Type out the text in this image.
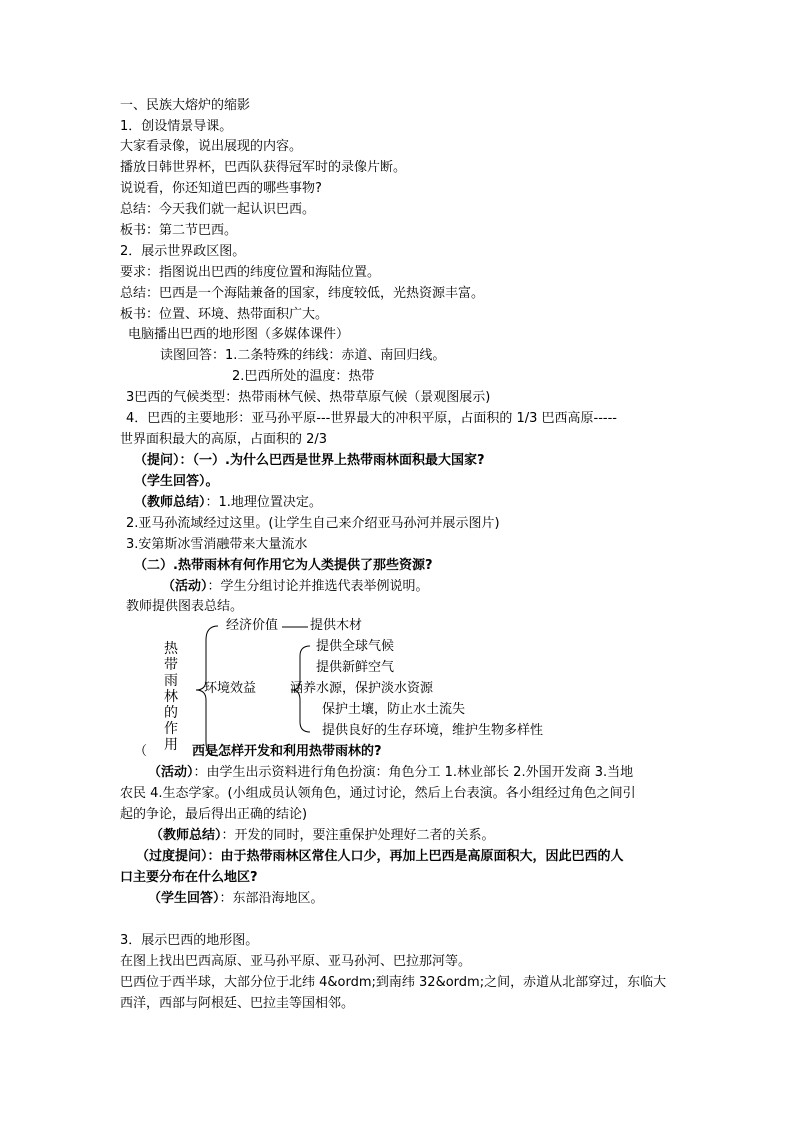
一、民族大熔炉的缩影
1．创设情景导课。
大家看录像，说出展现的内容。
播放日韩世界杯，巴西队获得冠军时的录像片断。
说说看，你还知道巴西的哪些事物?
总结：今天我们就一起认识巴西。
板书：第二节巴西。
2．展示世界政区图。
要求：指图说出巴西的纬度位置和海陆位置。
总结：巴西是一个海陆兼备的国家，纬度较低，光热资源丰富。
板书：位置、环境、热带面积广大。
电脑播出巴西的地形图（多媒体课件）
读图回答：1.二条特殊的纬线：赤道、南回归线。
2.巴西所处的温度：热带
3巴西的气候类型：热带雨林气候、热带草原气候（景观图展示)
4．巴西的主要地形：亚马孙平原---世界最大的冲积平原，占面积的 1/3 巴西高原-----
世界面积最大的高原，占面积的 2/3
（提问）：（一）.为什么巴西是世界上热带雨林面积最大国家?
（学生回答）。
（教师总结）：1.地理位置决定。
2.亚马孙流域经过这里。(让学生自己来介绍亚马孙河并展示图片)
3.安第斯冰雪消融带来大量流水
（二）.热带雨林有何作用它为人类提供了那些资源?
（活动）：学生分组讨论并推选代表举例说明。
教师提供图表总结。
热
带
雨
林
的
作
用
经济价值 提供木材
环境效益
提供全球气候
提供新鲜空气
涵养水源，保护淡水资源
保护土壤，防止水土流失
提供良好的生存环境，维护生物多样性
（	西是怎样开发和利用热带雨林的?
（活动）：由学生出示资料进行角色扮演：角色分工 1.林业部长 2.外国开发商 3.当地
农民 4.生态学家。(小组成员认领角色，通过讨论，然后上台表演。各小组经过角色之间引
起的争论，最后得出正确的结论)
（教师总结）：开发的同时，要注重保护处理好二者的关系。
（过度提问）：由于热带雨林区常住人口少，再加上巴西是高原面积大，因此巴西的人
口主要分布在什么地区?
（学生回答）：东部沿海地区。
3．展示巴西的地形图。
在图上找出巴西高原、亚马孙平原、亚马孙河、巴拉那河等。
巴西位于西半球，大部分位于北纬 4&ordm;到南纬 32&ordm;之间，赤道从北部穿过，东临大
西洋，西部与阿根廷、巴拉圭等国相邻。
